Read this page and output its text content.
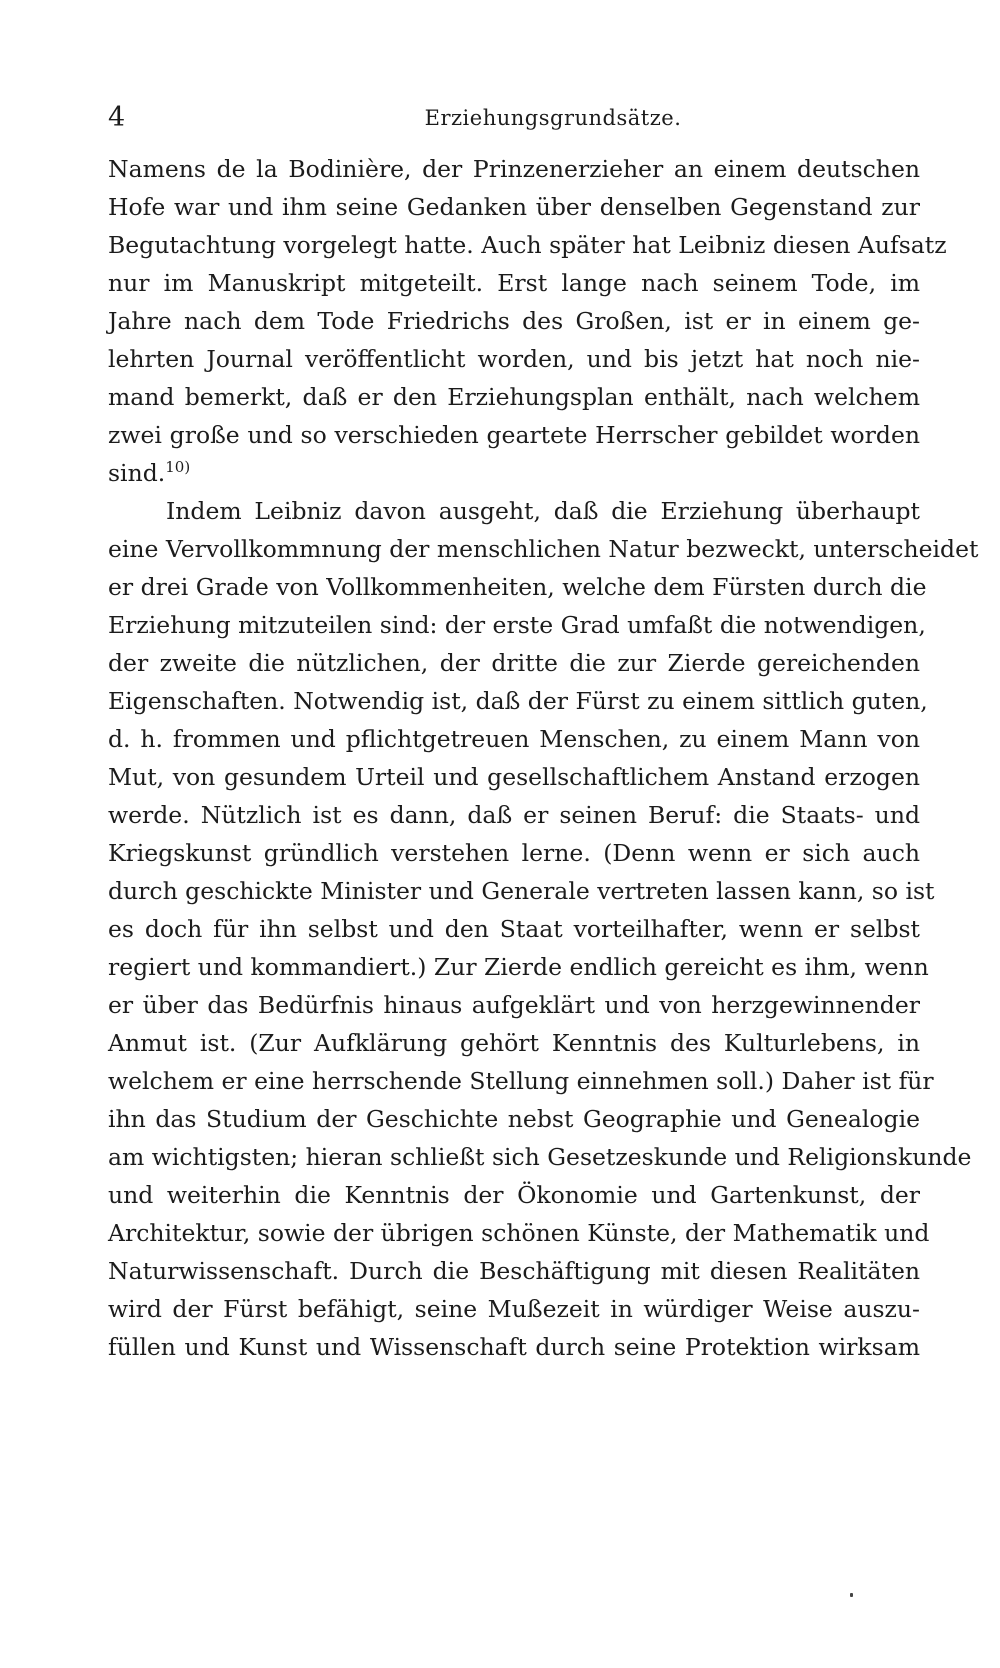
4	Erziehungsgrundsätze.
Namens de la Bodinière, der Prinzenerzieher an einem deutschen
Hofe war und ihm seine Gedanken über denselben Gegenstand zur
Begutachtung vorgelegt hatte. Auch später hat Leibniz diesen Aufsatz
nur im Manuskript mitgeteilt. Erst lange nach seinem Tode, im
Jahre nach dem Tode Friedrichs des Großen, ist er in einem ge-
lehrten Journal veröffentlicht worden, und bis jetzt hat noch nie-
mand bemerkt, daß er den Erziehungsplan enthält, nach welchem
zwei große und so verschieden geartete Herrscher gebildet worden
sind.$^{10)}$
Indem Leibniz davon ausgeht, daß die Erziehung überhaupt
eine Vervollkommnung der menschlichen Natur bezweckt, unterscheidet
er drei Grade von Vollkommenheiten, welche dem Fürsten durch die
Erziehung mitzuteilen sind: der erste Grad umfaßt die notwendigen,
der zweite die nützlichen, der dritte die zur Zierde gereichenden
Eigenschaften. Notwendig ist, daß der Fürst zu einem sittlich guten,
d. h. frommen und pflichtgetreuen Menschen, zu einem Mann von
Mut, von gesundem Urteil und gesellschaftlichem Anstand erzogen
werde. Nützlich ist es dann, daß er seinen Beruf: die Staats- und
Kriegskunst gründlich verstehen lerne. (Denn wenn er sich auch
durch geschickte Minister und Generale vertreten lassen kann, so ist
es doch für ihn selbst und den Staat vorteilhafter, wenn er selbst
regiert und kommandiert.) Zur Zierde endlich gereicht es ihm, wenn
er über das Bedürfnis hinaus aufgeklärt und von herzgewinnender
Anmut ist. (Zur Aufklärung gehört Kenntnis des Kulturlebens, in
welchem er eine herrschende Stellung einnehmen soll.) Daher ist für
ihn das Studium der Geschichte nebst Geographie und Genealogie
am wichtigsten; hieran schließt sich Gesetzeskunde und Religionskunde
und weiterhin die Kenntnis der Ökonomie und Gartenkunst, der
Architektur, sowie der übrigen schönen Künste, der Mathematik und
Naturwissenschaft. Durch die Beschäftigung mit diesen Realitäten
wird der Fürst befähigt, seine Mußezeit in würdiger Weise auszu-
füllen und Kunst und Wissenschaft durch seine Protektion wirksam
